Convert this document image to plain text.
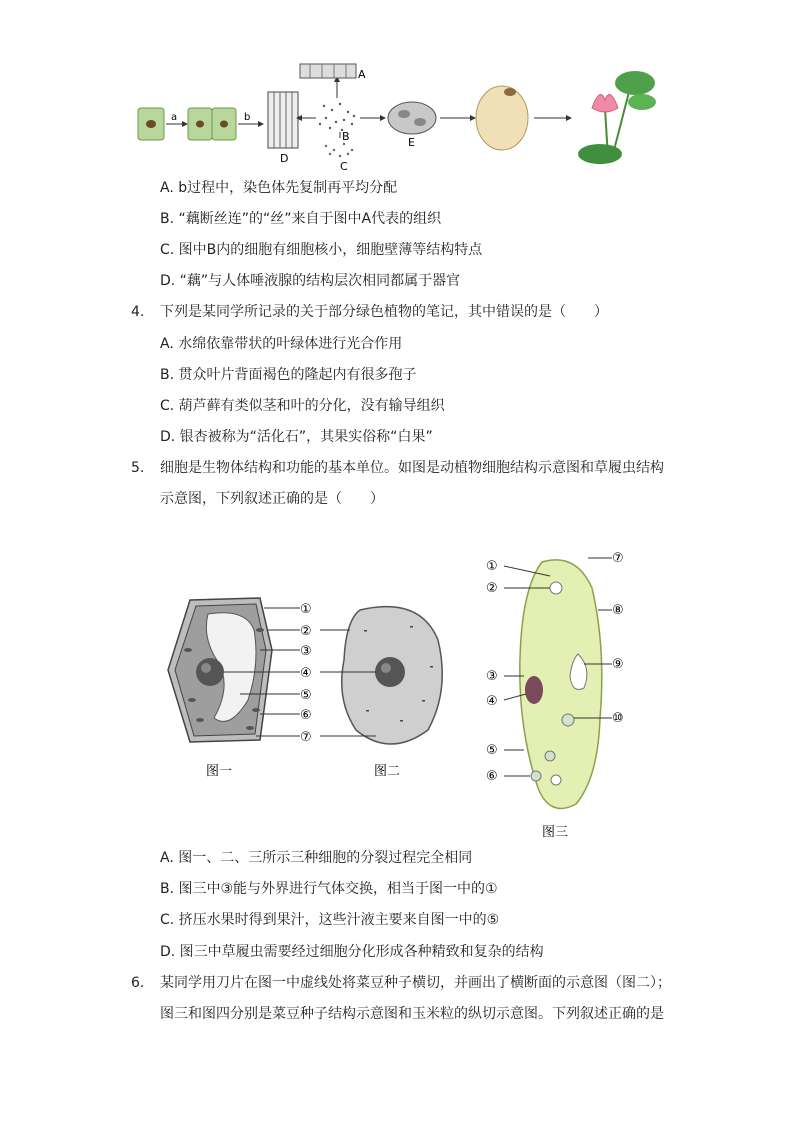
a	b
D
B
A
C
E
A. b过程中，染色体先复制再平均分配
B. “藕断丝连”的“丝”来自于图中A代表的组织
C. 图中B内的细胞有细胞核小，细胞壁薄等结构特点
D. “藕”与人体唾液腺的结构层次相同都属于器官
4. 下列是某同学所记录的关于部分绿色植物的笔记，其中错误的是（　　）
A. 水绵依靠带状的叶绿体进行光合作用
B. 贯众叶片背面褐色的隆起内有很多孢子
C. 葫芦藓有类似茎和叶的分化，没有输导组织
D. 银杏被称为“活化石”，其果实俗称“白果”
5. 细胞是生物体结构和功能的基本单位。如图是动植物细胞结构示意图和草履虫结构
示意图，下列叙述正确的是（　　）
①
②
③
④
⑤
⑥
⑦
图一	图二
①
②
③
④
⑤
⑥
⑦
⑧
⑨
⑩
图三
A. 图一、二、三所示三种细胞的分裂过程完全相同
B. 图三中③能与外界进行气体交换，相当于图一中的①
C. 挤压水果时得到果汁，这些汁液主要来自图一中的⑤
D. 图三中草履虫需要经过细胞分化形成各种精致和复杂的结构
6. 某同学用刀片在图一中虚线处将菜豆种子横切，并画出了横断面的示意图（图二）；
图三和图四分别是菜豆种子结构示意图和玉米粒的纵切示意图。下列叙述正确的是
